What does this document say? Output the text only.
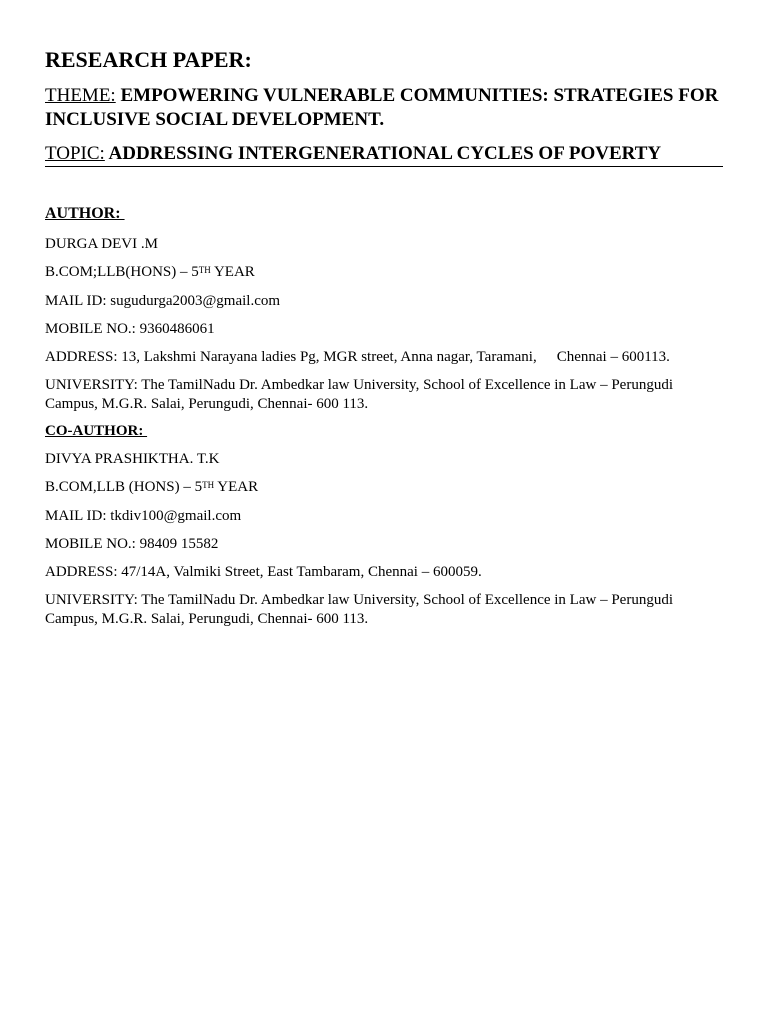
RESEARCH PAPER:
THEME: EMPOWERING VULNERABLE COMMUNITIES: STRATEGIES FOR INCLUSIVE SOCIAL DEVELOPMENT.
TOPIC: ADDRESSING INTERGENERATIONAL CYCLES OF POVERTY
AUTHOR:
DURGA DEVI .M
B.COM;LLB(HONS) – 5TH YEAR
MAIL ID: sugudurga2003@gmail.com
MOBILE NO.: 9360486061
ADDRESS: 13, Lakshmi Narayana ladies Pg, MGR street, Anna nagar, Taramani, Chennai – 600113.
UNIVERSITY: The TamilNadu Dr. Ambedkar law University, School of Excellence in Law – Perungudi Campus, M.G.R. Salai, Perungudi, Chennai- 600 113.
CO-AUTHOR:
DIVYA PRASHIKTHA. T.K
B.COM,LLB (HONS) – 5TH YEAR
MAIL ID: tkdiv100@gmail.com
MOBILE NO.: 98409 15582
ADDRESS: 47/14A, Valmiki Street, East Tambaram, Chennai – 600059.
UNIVERSITY: The TamilNadu Dr. Ambedkar law University, School of Excellence in Law – Perungudi Campus, M.G.R. Salai, Perungudi, Chennai- 600 113.
